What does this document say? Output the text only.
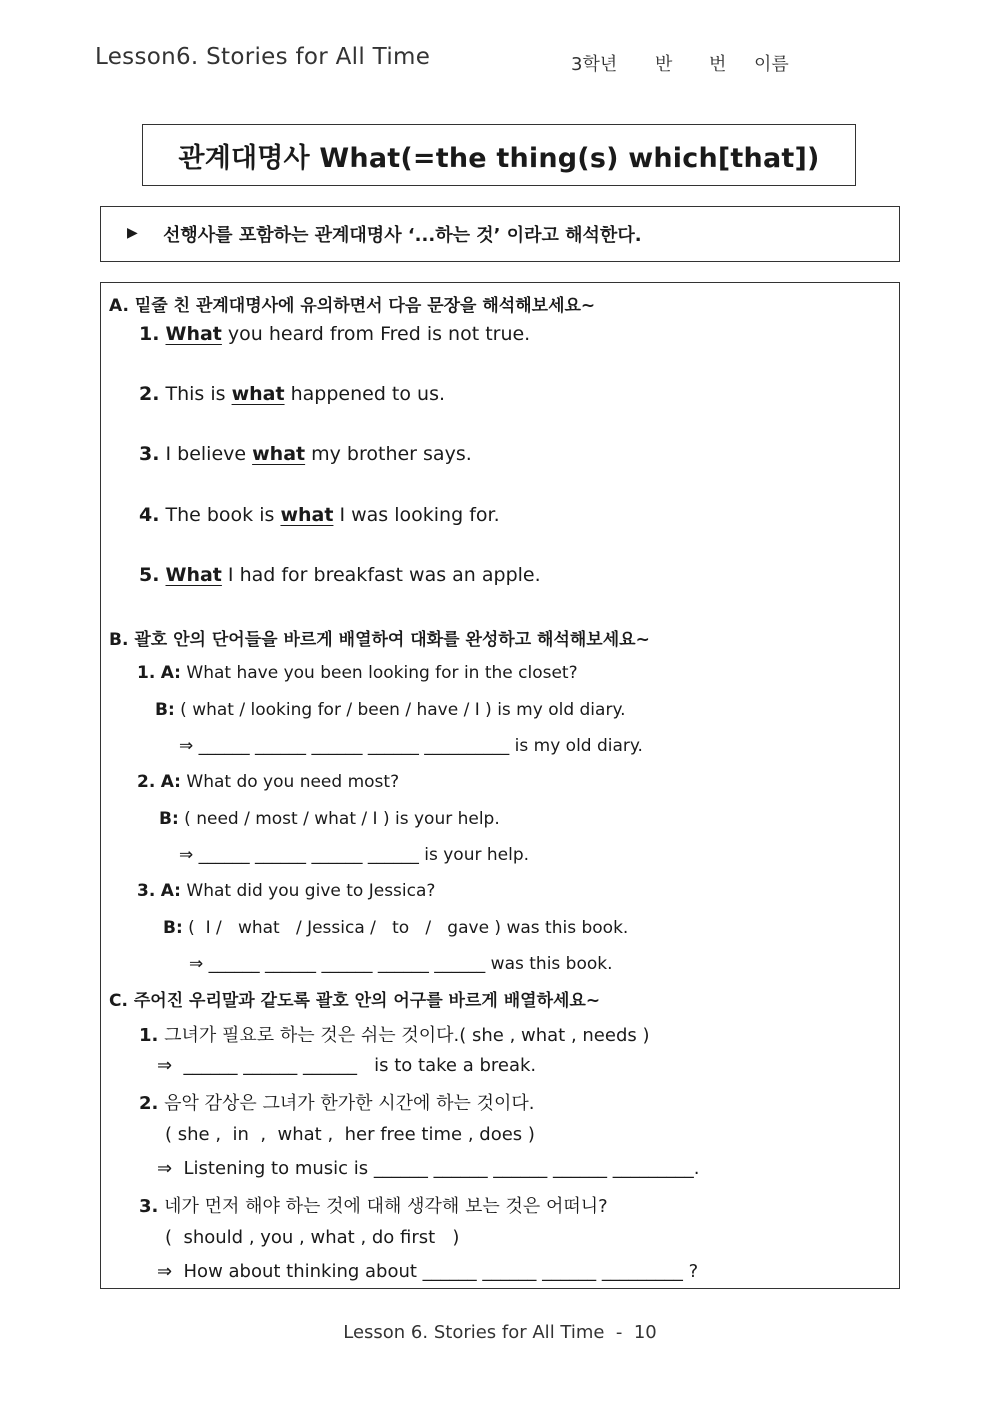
Lesson6. Stories for All Time	3학년 반 번 이름
관계대명사 What(=the thing(s) which[that])
▶ 선행사를 포함하는 관계대명사 ‘...하는 것’ 이라고 해석한다.
A. 밑줄 친 관계대명사에 유의하면서 다음 문장을 해석해보세요~
1. What you heard from Fred is not true.
2. This is what happened to us.
3. I believe what my brother says.
4. The book is what I was looking for.
5. What I had for breakfast was an apple.
B. 괄호 안의 단어들을 바르게 배열하여 대화를 완성하고 해석해보세요~
1. A: What have you been looking for in the closet?
B: ( what / looking for / been / have / I ) is my old diary.
⇒ ______ ______ ______ ______ __________ is my old diary.
2. A: What do you need most?
B: ( need / most / what / I ) is your help.
⇒ ______ ______ ______ ______ is your help.
3. A: What did you give to Jessica?
B: (  I /   what   / Jessica /   to   /   gave ) was this book.
⇒ ______ ______ ______ ______ ______ was this book.
C. 주어진 우리말과 같도록 괄호 안의 어구를 바르게 배열하세요~
1. 그녀가 필요로 하는 것은 쉬는 것이다.( she , what , needs )
⇒  ______ ______ ______   is to take a break.
2. 음악 감상은 그녀가 한가한 시간에 하는 것이다.
( she ,  in  ,  what ,  her free time , does )
⇒  Listening to music is ______ ______ ______ ______ _________.
3. 네가 먼저 해야 하는 것에 대해 생각해 보는 것은 어떠니?
(  should , you , what , do first   )
⇒  How about thinking about ______ ______ ______ _________ ?
Lesson 6. Stories for All Time  -  10
